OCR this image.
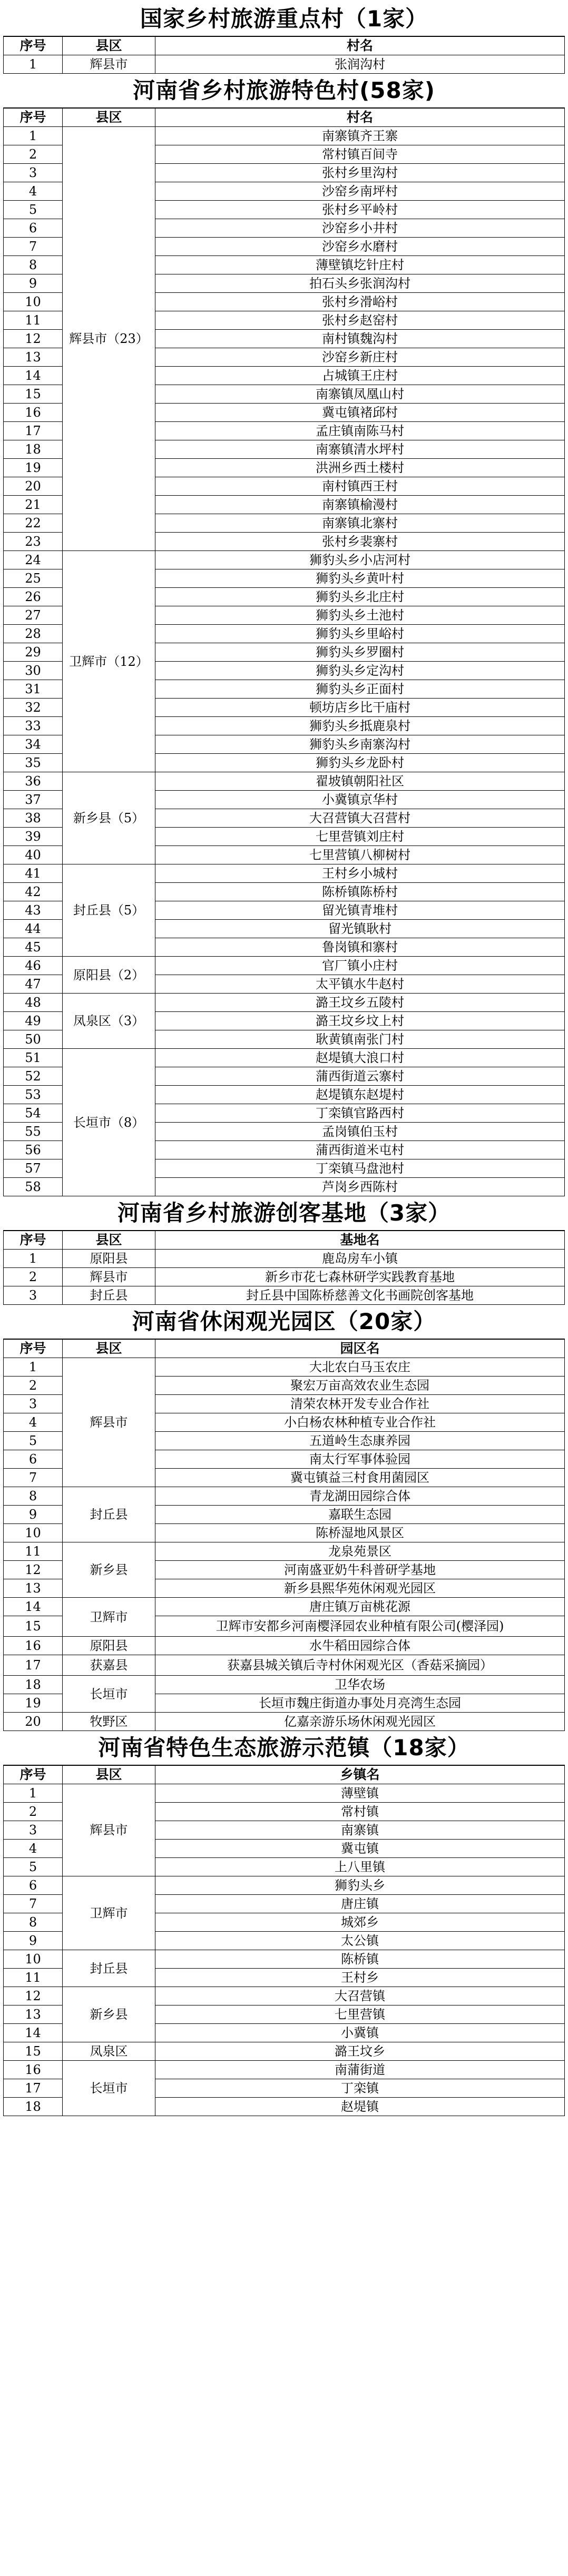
国家乡村旅游重点村（1家）
序号	县区	村名
1	辉县市	张润沟村
河南省乡村旅游特色村(58家)
序号	县区	村名
1	辉县市（23）	南寨镇齐王寨
2		常村镇百间寺
3		张村乡里沟村
4		沙窑乡南坪村
5		张村乡平岭村
6		沙窑乡小井村
7		沙窑乡水磨村
8		薄壁镇圪针庄村
9		拍石头乡张润沟村
10		张村乡滑峪村
11		张村乡赵窑村
12		南村镇魏沟村
13		沙窑乡新庄村
14		占城镇王庄村
15		南寨镇凤凰山村
16		冀屯镇褚邱村
17		孟庄镇南陈马村
18		南寨镇清水坪村
19		洪洲乡西土楼村
20		南村镇西王村
21		南寨镇榆漫村
22		南寨镇北寨村
23		张村乡裴寨村
24	卫辉市（12）	狮豹头乡小店河村
25		狮豹头乡黄叶村
26		狮豹头乡北庄村
27		狮豹头乡土池村
28		狮豹头乡里峪村
29		狮豹头乡罗圈村
30		狮豹头乡定沟村
31		狮豹头乡正面村
32		顿坊店乡比干庙村
33		狮豹头乡抵鹿泉村
34		狮豹头乡南寨沟村
35		狮豹头乡龙卧村
36	新乡县（5）	翟坡镇朝阳社区
37		小冀镇京华村
38		大召营镇大召营村
39		七里营镇刘庄村
40		七里营镇八柳树村
41	封丘县（5）	王村乡小城村
42		陈桥镇陈桥村
43		留光镇青堆村
44		留光镇耿村
45		鲁岗镇和寨村
46	原阳县（2）	官厂镇小庄村
47		太平镇水牛赵村
48	凤泉区（3）	潞王坟乡五陵村
49		潞王坟乡坟上村
50		耿黄镇南张门村
51	长垣市（8）	赵堤镇大浪口村
52		蒲西街道云寨村
53		赵堤镇东赵堤村
54		丁栾镇官路西村
55		孟岗镇伯玉村
56		蒲西街道米屯村
57		丁栾镇马盘池村
58		芦岗乡西陈村
河南省乡村旅游创客基地（3家）
序号	县区	基地名
1	原阳县	鹿岛房车小镇
2	辉县市	新乡市花七森林研学实践教育基地
3	封丘县	封丘县中国陈桥慈善文化书画院创客基地
河南省休闲观光园区（20家）
序号	县区	园区名
1	辉县市	大北农白马玉农庄
2		聚宏万亩高效农业生态园
3		清荣农林开发专业合作社
4		小白杨农林种植专业合作社
5		五道岭生态康养园
6		南太行军事体验园
7		冀屯镇益三村食用菌园区
8	封丘县	青龙湖田园综合体
9		嘉联生态园
10		陈桥湿地风景区
11	新乡县	龙泉苑景区
12		河南盛亚奶牛科普研学基地
13		新乡县熙华苑休闲观光园区
14	卫辉市	唐庄镇万亩桃花源
15		卫辉市安都乡河南樱泽园农业种植有限公司(樱泽园)
16	原阳县	水牛稻田园综合体
17	获嘉县	获嘉县城关镇后寺村休闲观光区（香菇采摘园）
18	长垣市	卫华农场
19		长垣市魏庄街道办事处月亮湾生态园
20	牧野区	亿嘉亲游乐场休闲观光园区
河南省特色生态旅游示范镇（18家）
序号	县区	乡镇名
1	辉县市	薄壁镇
2		常村镇
3		南寨镇
4		冀屯镇
5		上八里镇
6	卫辉市	狮豹头乡
7		唐庄镇
8		城郊乡
9		太公镇
10	封丘县	陈桥镇
11		王村乡
12	新乡县	大召营镇
13		七里营镇
14		小冀镇
15	凤泉区	潞王坟乡
16	长垣市	南蒲街道
17		丁栾镇
18		赵堤镇
